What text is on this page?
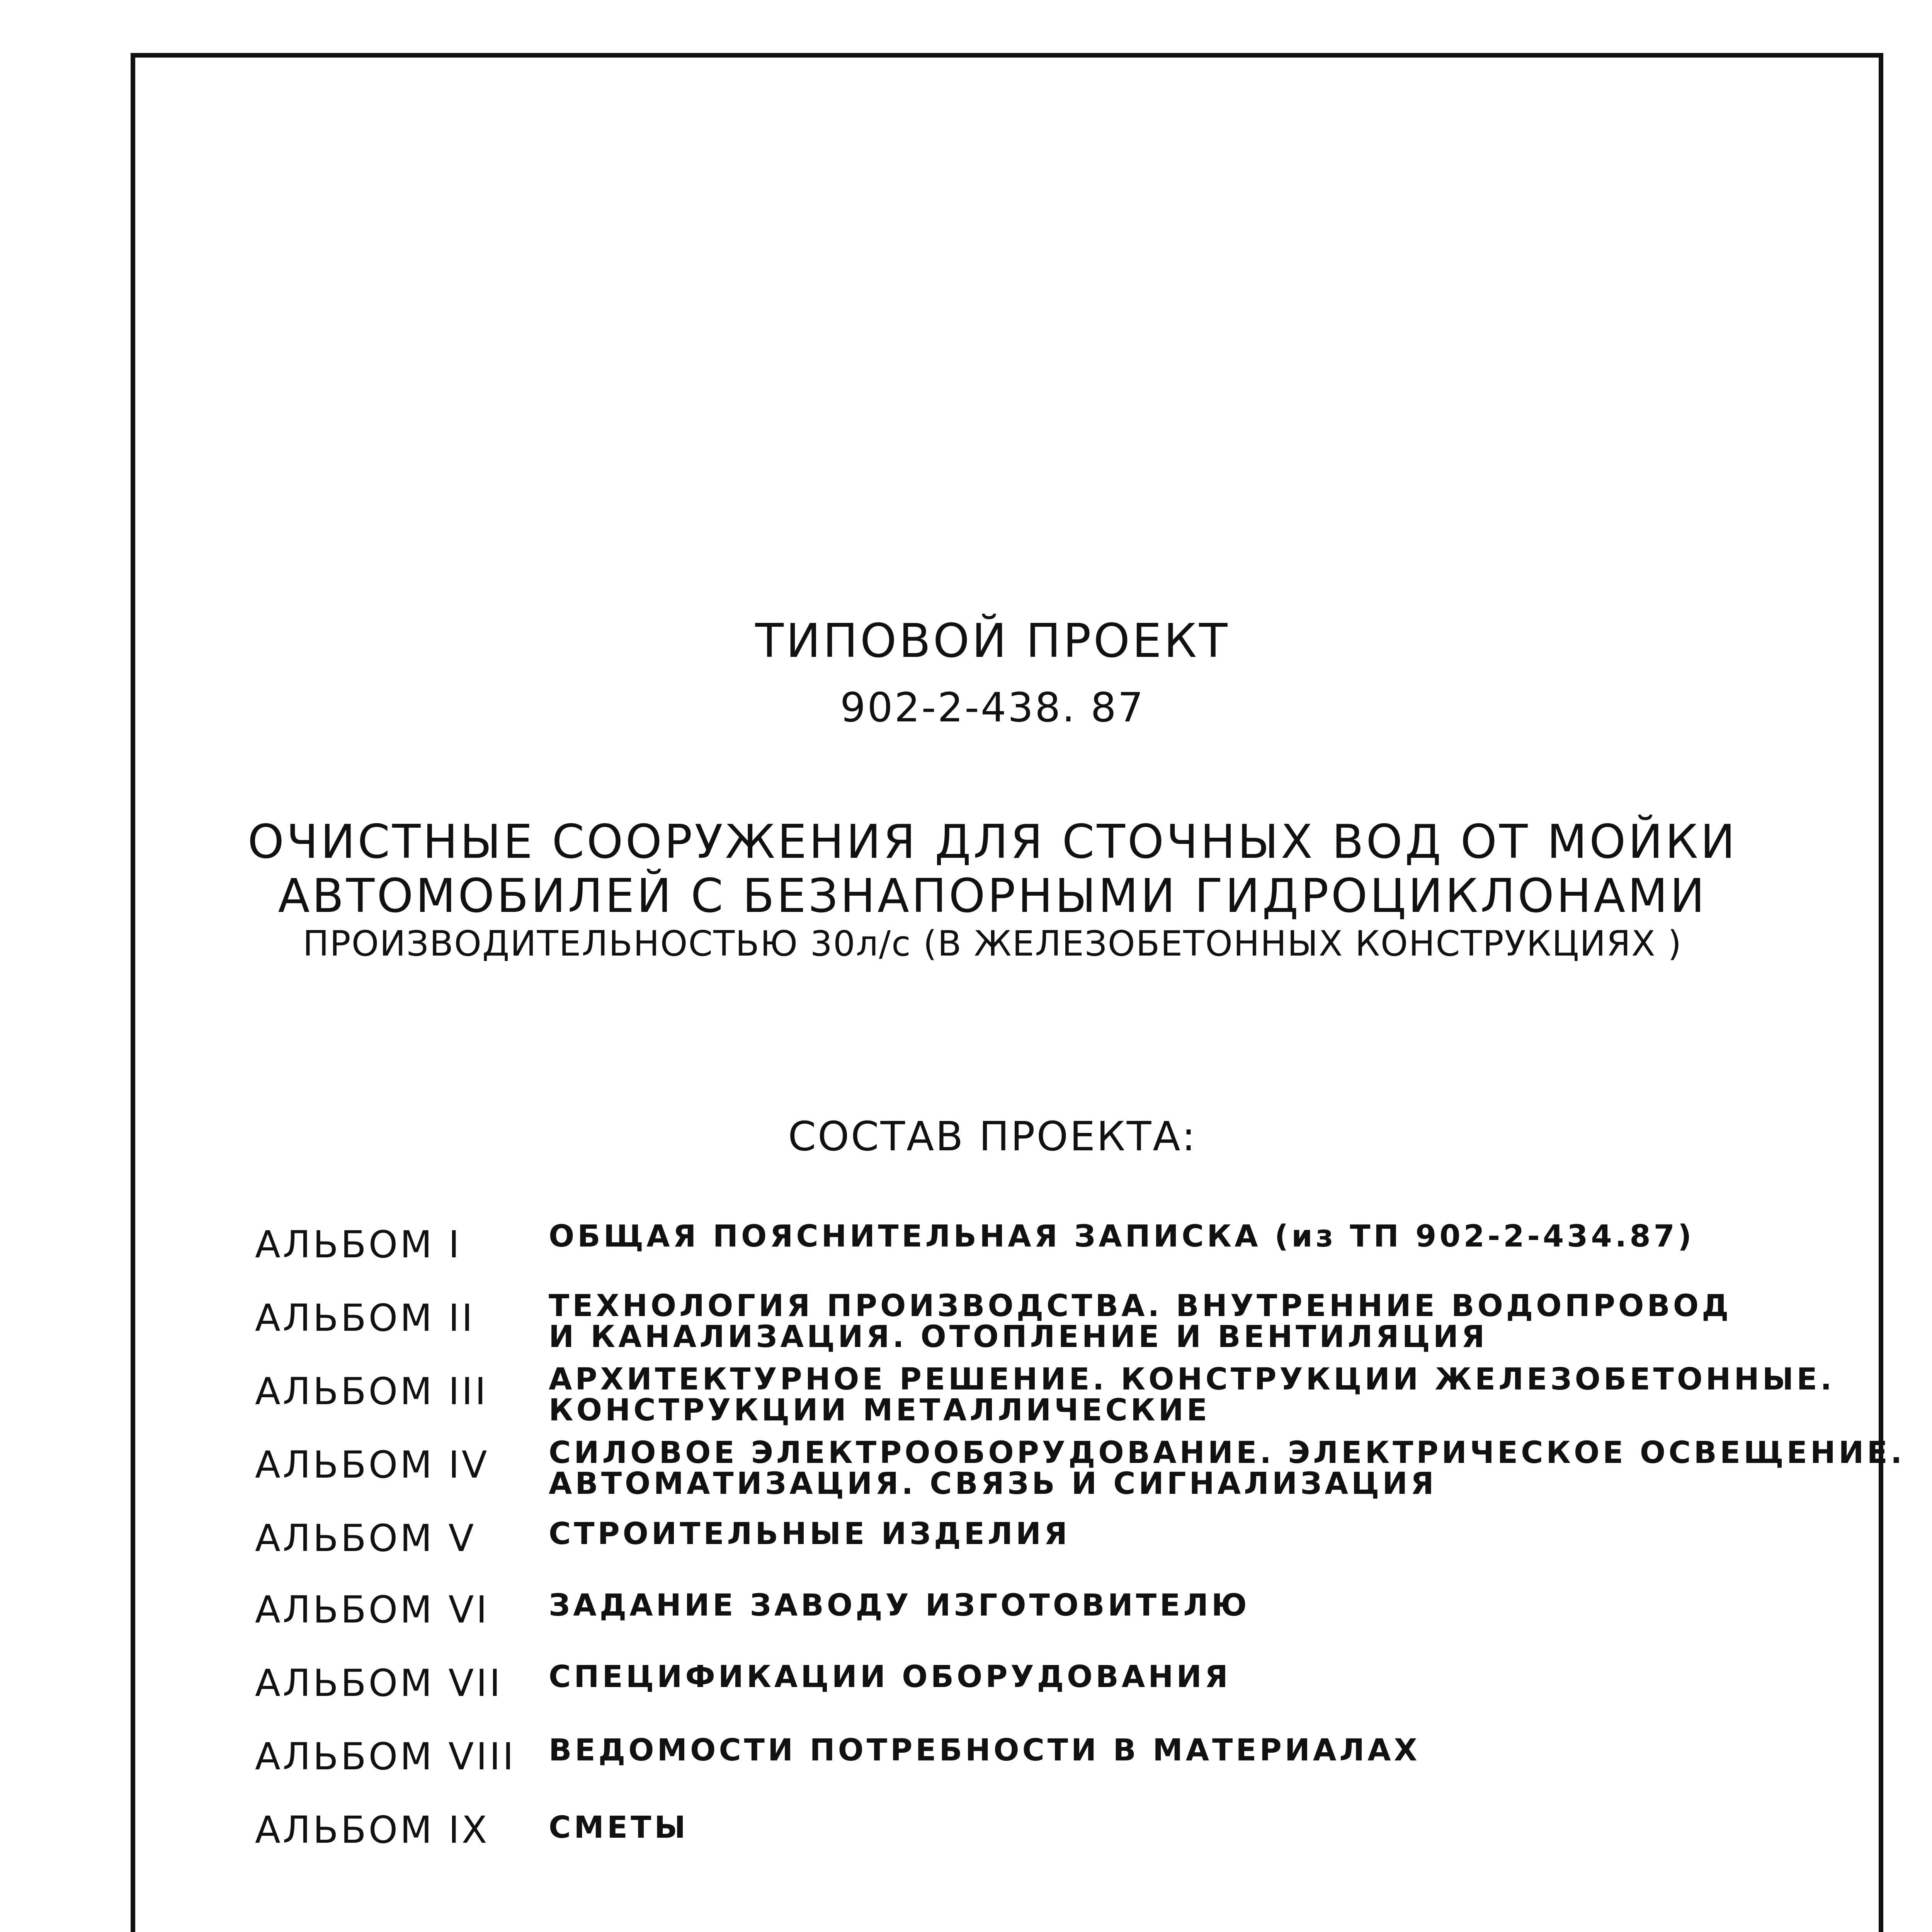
ТИПОВОЙ ПРОЕКТ
902-2-438. 87
ОЧИСТНЫЕ СООРУЖЕНИЯ ДЛЯ СТОЧНЫХ ВОД ОТ МОЙКИ
АВТОМОБИЛЕЙ С БЕЗНАПОРНЫМИ ГИДРОЦИКЛОНАМИ
ПРОИЗВОДИТЕЛЬНОСТЬЮ 30л/с (В ЖЕЛЕЗОБЕТОННЫХ КОНСТРУКЦИЯХ )
СОСТАВ ПРОЕКТА:
АЛЬБОМ I	ОБЩАЯ ПОЯСНИТЕЛЬНАЯ ЗАПИСКА (из ТП 902-2-434.87)
АЛЬБОМ II ТЕХНОЛОГИЯ ПРОИЗВОДСТВА. ВНУТРЕННИЕ ВОДОПРОВОД
И КАНАЛИЗАЦИЯ. ОТОПЛЕНИЕ И ВЕНТИЛЯЦИЯ
АЛЬБОМ III АРХИТЕКТУРНОЕ РЕШЕНИЕ. КОНСТРУКЦИИ ЖЕЛЕЗОБЕТОННЫЕ.
КОНСТРУКЦИИ МЕТАЛЛИЧЕСКИЕ
АЛЬБОМ IV СИЛОВОЕ ЭЛЕКТРООБОРУДОВАНИЕ. ЭЛЕКТРИЧЕСКОЕ ОСВЕЩЕНИЕ.
АВТОМАТИЗАЦИЯ. СВЯЗЬ И СИГНАЛИЗАЦИЯ
АЛЬБОМ V СТРОИТЕЛЬНЫЕ ИЗДЕЛИЯ
АЛЬБОМ VI ЗАДАНИЕ ЗАВОДУ ИЗГОТОВИТЕЛЮ
АЛЬБОМ VII СПЕЦИФИКАЦИИ ОБОРУДОВАНИЯ
АЛЬБОМ VIII ВЕДОМОСТИ ПОТРЕБНОСТИ В МАТЕРИАЛАХ
АЛЬБОМ IX СМЕТЫ
